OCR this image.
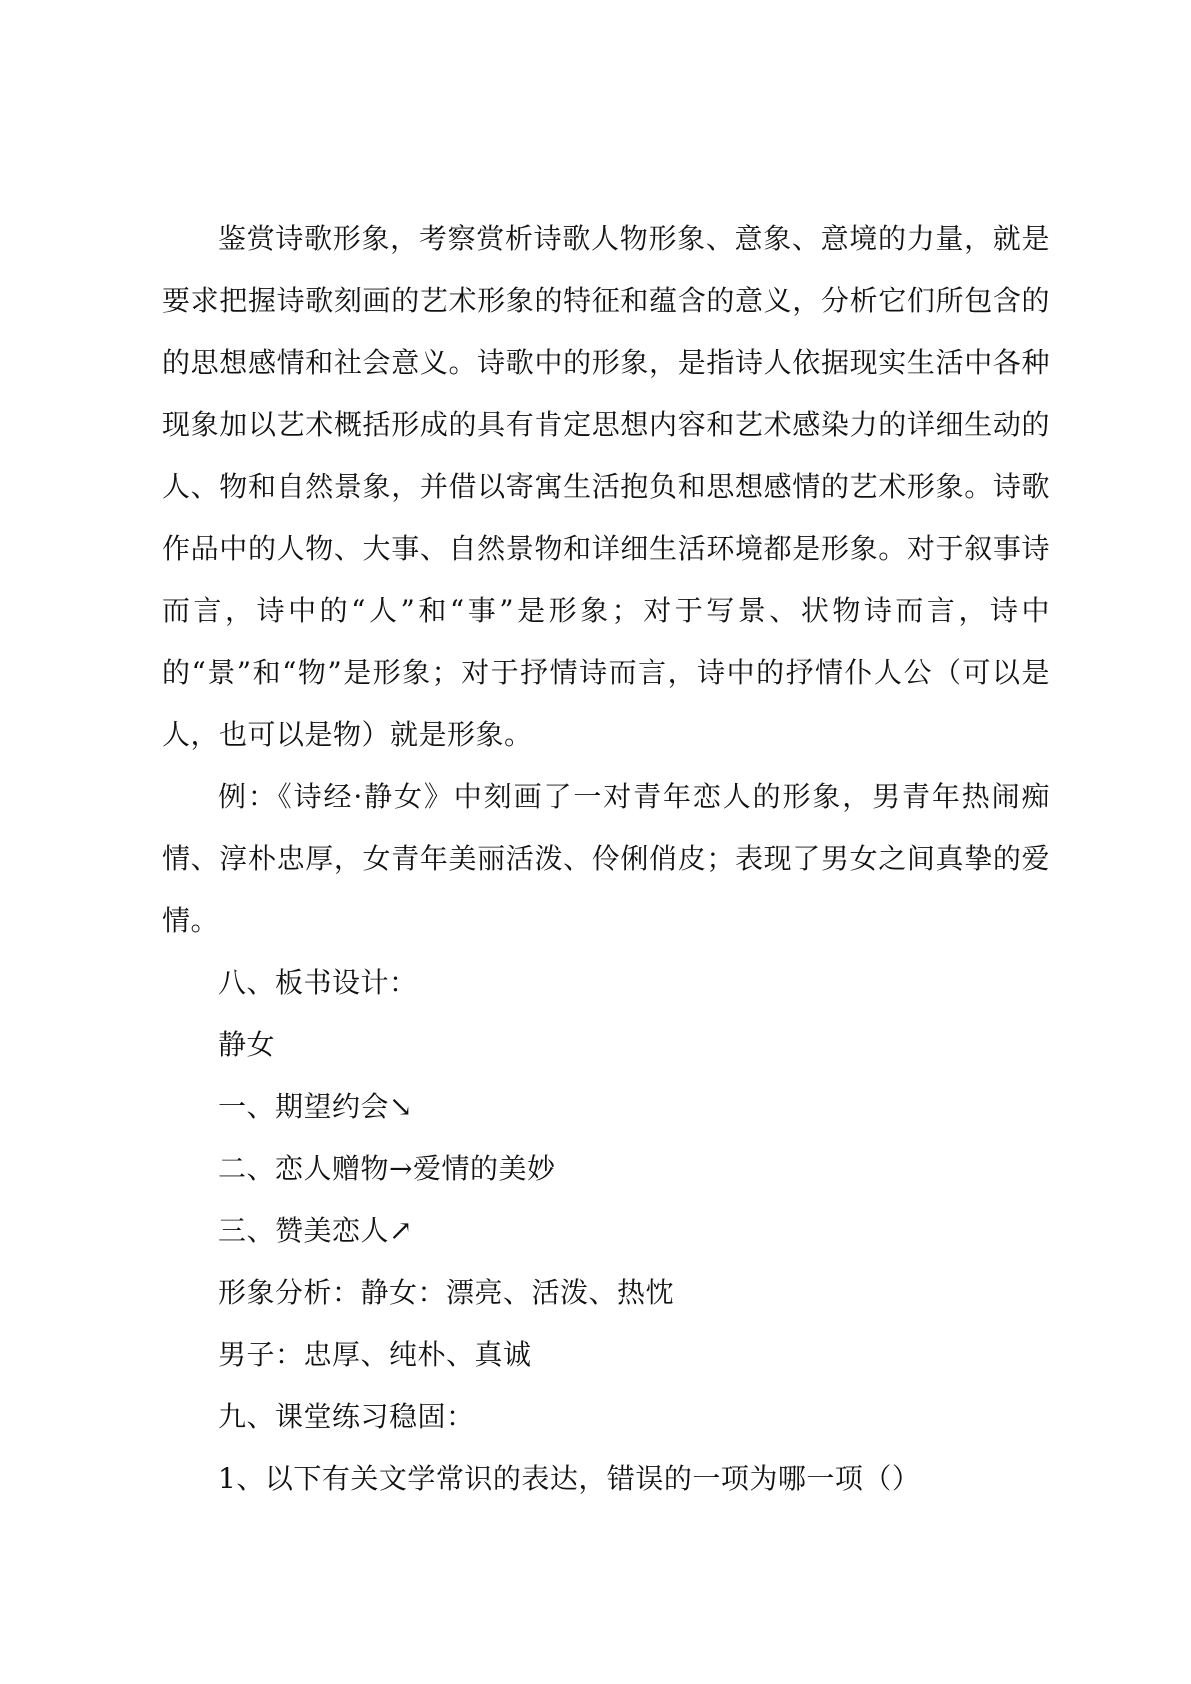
鉴赏诗歌形象，考察赏析诗歌人物形象、意象、意境的力量，就是要求把握诗歌刻画的艺术形象的特征和蕴含的意义，分析它们所包含的的思想感情和社会意义。诗歌中的形象，是指诗人依据现实生活中各种现象加以艺术概括形成的具有肯定思想内容和艺术感染力的详细生动的人、物和自然景象，并借以寄寓生活抱负和思想感情的艺术形象。诗歌作品中的人物、大事、自然景物和详细生活环境都是形象。对于叙事诗而言，诗中的“人”和“事”是形象；对于写景、状物诗而言，诗中的“景”和“物”是形象；对于抒情诗而言，诗中的抒情仆人公（可以是人，也可以是物）就是形象。

例：《诗经·静女》中刻画了一对青年恋人的形象，男青年热闹痴情、淳朴忠厚，女青年美丽活泼、伶俐俏皮；表现了男女之间真挚的爱情。

八、板书设计：

静女

一、期望约会↘

二、恋人赠物→爱情的美妙

三、赞美恋人↗

形象分析：静女：漂亮、活泼、热忱

男子：忠厚、纯朴、真诚

九、课堂练习稳固：

1、以下有关文学常识的表达，错误的一项为哪一项（）
